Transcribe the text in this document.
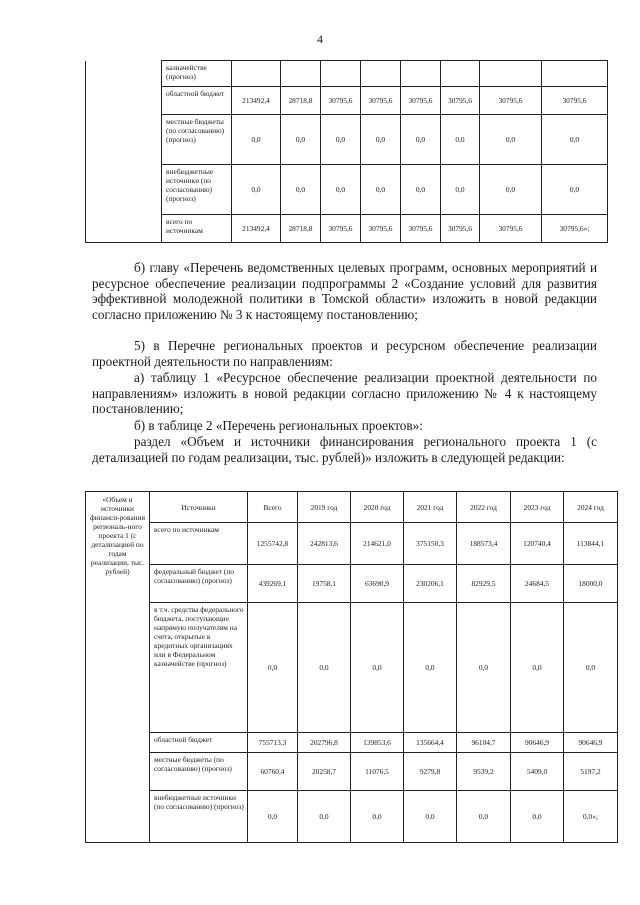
4
	казначействе (прогноз)								
	областной бюджет	213492,4	28718,8	30795,6	30795,6	30795,6	30795,6	30795,6	30795,6
	местные бюджеты (по согласованию) (прогноз)	0,0	0,0	0,0	0,0	0,0	0,0	0,0	0,0
	внебюджетные источники (по согласованию) (прогноз)	0,0	0,0	0,0	0,0	0,0	0,0	0,0	0,0
	всего по источникам	213492,4	28718,8	30795,6	30795,6	30795,6	30795,6	30795,6	30795,6»;

б) главу «Перечень ведомственных целевых программ, основных мероприятий и ресурсное обеспечение реализации подпрограммы 2 «Создание условий для развития эффективной молодежной политики в Томской области» изложить в новой редакции согласно приложению № 3 к настоящему постановлению;

5) в Перечне региональных проектов и ресурсном обеспечение реализации проектной деятельности по направлениям:

а) таблицу 1 «Ресурсное обеспечение реализации проектной деятельности по направлениям» изложить в новой редакции согласно приложению № 4 к настоящему постановлению;

б) в таблице 2 «Перечень региональных проектов»:

раздел «Объем и источники финансирования регионального проекта 1 (с детализацией по годам реализации, тыс. рублей)» изложить в следующей редакции:

«Объем и источники финанси-рования региональ-ного проекта 1 (с детализацией по годам реализации, тыс. рублей)	Источники	Всего	2019 год	2020 год	2021 год	2022 год	2023 год	2024 год
	всего по источникам	1255742,8	242813,6	214621,0	375150,3	188573,4	120740,4	113844,1
	федеральный бюджет (по согласованию) (прогноз)	439269,1	19758,1	63690,9	230206,1	82929,5	24684,5	18000,0
	в т.ч. средства федерального бюджета, поступающие напрямую получателям на счета, открытые в кредитных организациях или в Федеральном казначействе (прогноз)	0,0	0,0	0,0	0,0	0,0	0,0	0,0
	областной бюджет	755713,3	202796,8	139853,6	135664,4	96104,7	90646,9	90646,9
	местные бюджеты (по согласованию) (прогноз)	60760,4	20258,7	11076,5	9279,8	9539,2	5409,0	5197,2
	внебюджетные источники (по согласованию) (прогноз)	0,0	0,0	0,0	0,0	0,0	0,0	0,0»;
